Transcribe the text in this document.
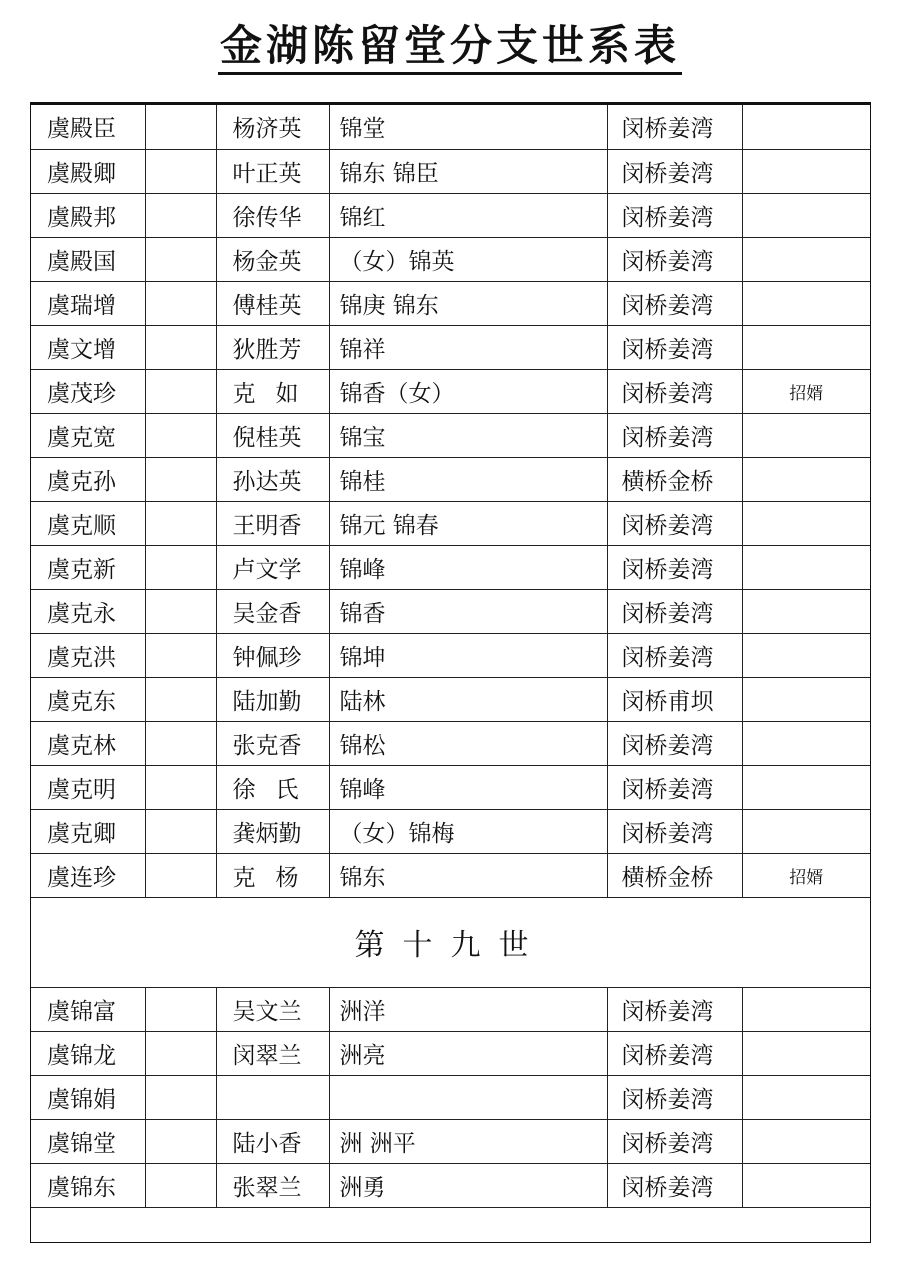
金湖陈留堂分支世系表
虞殿臣		杨济英	锦堂	闵桥姜湾	
虞殿卿		叶正英	锦东 锦臣	闵桥姜湾	
虞殿邦		徐传华	锦红	闵桥姜湾	
虞殿国		杨金英	（女）锦英	闵桥姜湾	
虞瑞增		傅桂英	锦庚 锦东	闵桥姜湾	
虞文增		狄胜芳	锦祥	闵桥姜湾	
虞茂珍		克如	锦香（女）	闵桥姜湾	招婿
虞克宽		倪桂英	锦宝	闵桥姜湾	
虞克孙		孙达英	锦桂	横桥金桥	
虞克顺		王明香	锦元 锦春	闵桥姜湾	
虞克新		卢文学	锦峰	闵桥姜湾	
虞克永		吴金香	锦香	闵桥姜湾	
虞克洪		钟佩珍	锦坤	闵桥姜湾	
虞克东		陆加勤	陆林	闵桥甫坝	
虞克林		张克香	锦松	闵桥姜湾	
虞克明		徐氏	锦峰	闵桥姜湾	
虞克卿		龚炳勤	（女）锦梅	闵桥姜湾	
虞连珍		克杨	锦东	横桥金桥	招婿
第十九世					
虞锦富		吴文兰	洲洋	闵桥姜湾	
虞锦龙		闵翠兰	洲亮	闵桥姜湾	
虞锦娟				闵桥姜湾	
虞锦堂		陆小香	洲 洲平	闵桥姜湾	
虞锦东		张翠兰	洲勇	闵桥姜湾	
